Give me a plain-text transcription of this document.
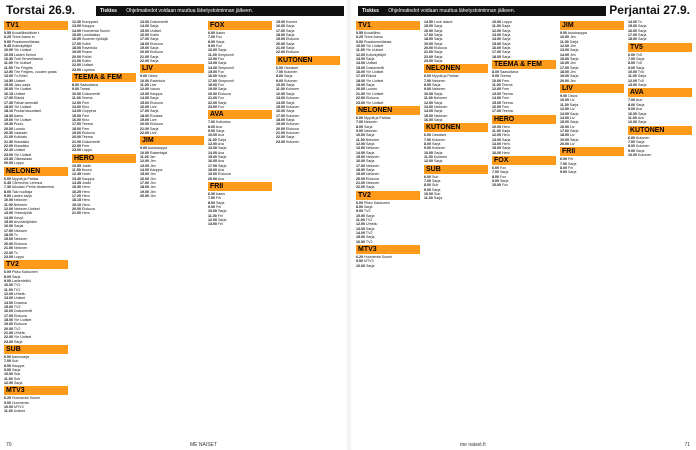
Torstai 26.9.	Perjantai 27.9.
Tiskiss Ohjelmatiedot voidaan muuttua lähetystoiminnan jälkeen.	Tiskiss Ohjelmatiedot voidaan muuttua lähetystoiminnan jälkeen.
TV1
5.55 Kuvailiihtolähde t.
6.25 Terve Aamu tv.
9.00 Pusatommillansa
9.45 Kotinäyttäjöt
10.00 Yle Uutiset
10.05 Lasten Keinot
10.30 Totti Terveelliseksi
11.00 Yle Uutiset
11.50 The Feights
12.50 The Feights, vuoden paras
13.00 Tv-Eetto
14.50 Uutiset
15.00 Jazz sarja
16.00 Yle Uutiset
16.15 Uutiset
17.00 Elämä
17.30 Pahan ammatti
18.00 Yle Uutiset
18.10 Puutarhauuutiset
18.30 Aamu
19.00 Yle Uutiset
19.30 Puulo
20.00 Luonto
20.30 Vaaraan
21.00 Kotikatu
21.30 Klassikko
22.00 Klassikko
22.30 Uutiset
23.00 Yle Uutiset
23.30 Oikeastaan
00.00 Loppu
NELONEN
6.00 Myydä ja Parisia
6.45 Olemmme Lehmus
7.30 Aikuisen Perhe Akateemia
8.00 Talo huoltaja
9.00 Lasten sarja
10.00 Nelonen
11.00 Nelonen
12.00 Nelonen Uutiset
13.00 Yhteistyötä
14.00 Kevyt
15.00 Arvostelijoiden
16.00 Sarjat
17.00 Nelosen
18.00 Tv
19.00 Nelonen
20.00 Elokuva
21.00 Nelonen
22.00 Tv
23.00 Loppu
TV2
6.00 Pikku Kakkonen
8.00 Sarja
9.00 Lastenleikki
10.00 TV2
11.00 TV2
12.00 Urheilu
13.00 Uutiset
14.00 Draama
15.00 TV2
16.00 Dokumentti
17.00 Elokuva
18.00 Yle Uutiset
19.00 Elokuva
20.00 TV2
21.00 Urheilu
22.00 Yle Uutiset
23.00 Sarja
SUB
6.00 Aamusarja
7.00 Sub
8.00 Kauppa
9.00 Sarja
10.00 Sub
11.00 Sub
12.00 Sarja
MTV3
6.20 Huomenta Suomi
9.00 Huomenta
10.00 MTV3
11.00 Uutiset
12.30 Kumppani
13.00 Kauppa
14.00 Huomenta Suomi
15.00 Lumilaakso
16.00 Suomen tykkäjä
17.00 Kotiin
18.00 Ravintola
19.00 Rosvo
20.00 Poliisi
21.00 Kotiin
22.00 Uutiset
23.00 Lopetus
TEEMA & FEM
8.00 Saavuttava
9.00 Tanssi
10.00 Dokumentti
11.00 Teema
12.00 Fem
13.00 Kino
14.00 Ooppera
15.00 Fem
16.00 Kino
17.00 Teema
18.00 Fem
19.00 Elokuva
20.00 Teema
21.00 Dokumentti
22.00 Fem
23.00 Loppu
HERO
10.55 Joslin
11.50 Huora
12.45 Hotel
13.40 Kauppa
14.35 Joslin
15.30 Hero
16.25 Hero
17.20 Hero
18.15 Hero
19.10 Hero
20.00 Elokuva
21.00 Hero
13.00 Dokumentti
14.00 Sarja
15.00 Uutiset
16.00 Kotiin
17.00 Sarja
18.00 Elokuva
19.00 Sarja
20.00 Elokuva
21.00 Sarja
22.00 Sarja
LIV
9.00 Ostos
10.00 Ravintola
11.00 Live
12.00 Vaunu
13.00 Kauppa
14.00 Sarja
15.00 Elokuva
16.00 Live
17.00 Sarja
18.00 Ruokaa
19.00 Live
20.00 Elokuva
21.00 Sarja
22.00 Live
JIM
9.00 Autokauppa
10.00 Rakentajat
11.00 Jim
12.00 Jim
13.00 Jim
14.00 Kauppa
15.00 Jim
16.00 Jim
17.00 Jim
18.00 Jim
19.00 Jim
20.00 Jim
FOX
6.00 Aamu
7.00 Fox
8.00 Sarja
9.00 Fox
10.00 Sarja
11.00 Simpsonit
12.00 Fox
13.00 Sarja
14.00 Simpsonit
15.00 Fox
16.00 Sarja
17.00 Simpsonit
18.00 Fox
19.00 Sarja
20.00 Elokuva
21.00 Fox
22.00 Sarja
23.00 Fox
AVA
7.00 Kotiostos
8.00 Ava
9.00 Sarja
10.00 Ava
11.00 Sarja
12.00 Ava
13.00 Sarja
14.00 Ava
15.00 Sarja
16.00 Ava
17.00 Sarja
18.00 Ava
19.00 Elokuva
20.00 Ava
FRII
6.00 Aamu
7.00 Frii
8.00 Sarja
9.00 Frii
10.00 Sarja
11.00 Frii
12.00 Sarja
13.00 Frii
15.00 Kummi
16.00 Sarja
17.00 Sarja
18.00 Sarja
19.00 Elokuva
20.00 Sarja
21.00 Sarja
22.00 Elokuva
KUTONEN
6.00 Ostokset
7.00 Kutonen
8.00 Sarja
9.00 Kutonen
10.00 Sarja
11.00 Kutonen
12.00 Sarja
13.00 Kutonen
14.00 Sarja
15.00 Kutonen
16.00 Sarja
17.00 Kutonen
18.00 Sarja
19.00 Kutonen
20.00 Elokuva
21.00 Kutonen
22.00 Sarja
23.00 Kutonen
TV1
5.55 Kuvailiihto
6.25 Terve Aamu
9.00 Pusatommillansa
10.00 Yle Uutiset
11.00 Yle Uutiset
12.00 Kotinäyttäjöt
13.00 Sarja
14.00 Uutiset
15.00 Dokumentti
16.00 Yle Uutiset
17.00 Elämä
18.00 Yle Uutiset
19.00 Sarja
20.00 Luonto
21.00 Yle Uutiset
22.00 Elokuva
23.00 Yle Uutiset
NELONEN
6.00 Myydä ja Parisia
7.00 Nelonen
8.00 Sarja
9.00 Nelonen
10.00 Sarja
11.00 Nelonen
12.00 Sarja
13.00 Nelonen
14.00 Sarja
15.00 Nelonen
16.00 Sarja
17.00 Nelonen
18.00 Sarja
19.00 Nelonen
20.00 Elokuva
21.00 Nelonen
22.00 Sarja
TV2
6.00 Pikku Kakkonen
8.00 Sarja
9.00 TV2
10.00 Sarja
11.00 TV2
12.00 Urheilu
13.00 Sarja
14.00 TV2
15.00 Sarja
16.00 TV2
MTV3
6.20 Huomenta Suomi
9.00 MTV3
10.00 Sarja
14.50 Love Island
15.00 Sarja
16.00 Sarja
17.00 Sarja
18.00 Sarja
19.00 Sarja
20.00 Elokuva
21.00 Sarja
22.00 Sarja
23.00 Sarja
NELONEN
6.00 Myydä ja Parisia
7.00 Nelonen
8.00 Sarja
9.00 Nelonen
10.00 Sarja
11.00 Nelonen
12.00 Sarja
13.00 Nelonen
14.00 Sarja
15.00 Nelonen
16.00 Sarja
KUTONEN
6.00 Ostokset
7.00 Kutonen
8.00 Sarja
9.00 Kutonen
10.00 Sarja
11.00 Kutonen
12.00 Sarja
SUB
6.00 Sub
7.00 Sarja
8.00 Sub
9.00 Sarja
10.00 Sub
11.00 Sarja
10.00 Loppu
11.00 Sarja
12.00 Sarja
13.00 Sarja
14.00 Sarja
15.00 Sarja
16.00 Sarja
17.00 Sarja
18.00 Sarja
TEEMA & FEM
8.00 Saavuttava
9.00 Teema
10.00 Fem
11.00 Teema
12.00 Fem
13.00 Teema
14.00 Fem
15.00 Teema
16.00 Fem
17.00 Teema
HERO
10.00 Hero
11.00 Sarja
12.00 Hero
13.00 Sarja
14.00 Hero
15.00 Sarja
16.00 Hero
FOX
6.00 Fox
7.00 Sarja
8.00 Fox
9.00 Sarja
10.00 Fox
JIM
9.00 Autokauppa
10.00 Jim
11.00 Sarja
12.00 Jim
13.00 Sarja
14.00 Jim
15.00 Sarja
16.00 Jim
17.00 Sarja
18.00 Jim
19.00 Sarja
20.00 Jim
LIV
9.00 Ostos
10.00 Liv
11.00 Sarja
12.00 Liv
13.00 Sarja
14.00 Liv
15.00 Sarja
16.00 Liv
17.00 Sarja
18.00 Liv
19.00 Sarja
20.00 Liv
FRII
6.00 Frii
7.00 Sarja
8.00 Frii
9.00 Sarja
14.00 Tv
15.00 Sarja
16.00 Sarja
17.00 Sarja
18.00 Sarja
TV5
6.00 Tv5
7.00 Sarja
8.00 Tv5
9.00 Sarja
10.00 Tv5
11.00 Sarja
12.00 Tv5
13.00 Sarja
AVA
7.00 Ava
8.00 Sarja
9.00 Ava
10.00 Sarja
11.00 Ava
12.00 Sarja
KUTONEN
6.00 Kutonen
7.00 Sarja
8.00 Kutonen
9.00 Sarja
10.00 Kutonen
70	ME NAISET	me naiset.fi	71
